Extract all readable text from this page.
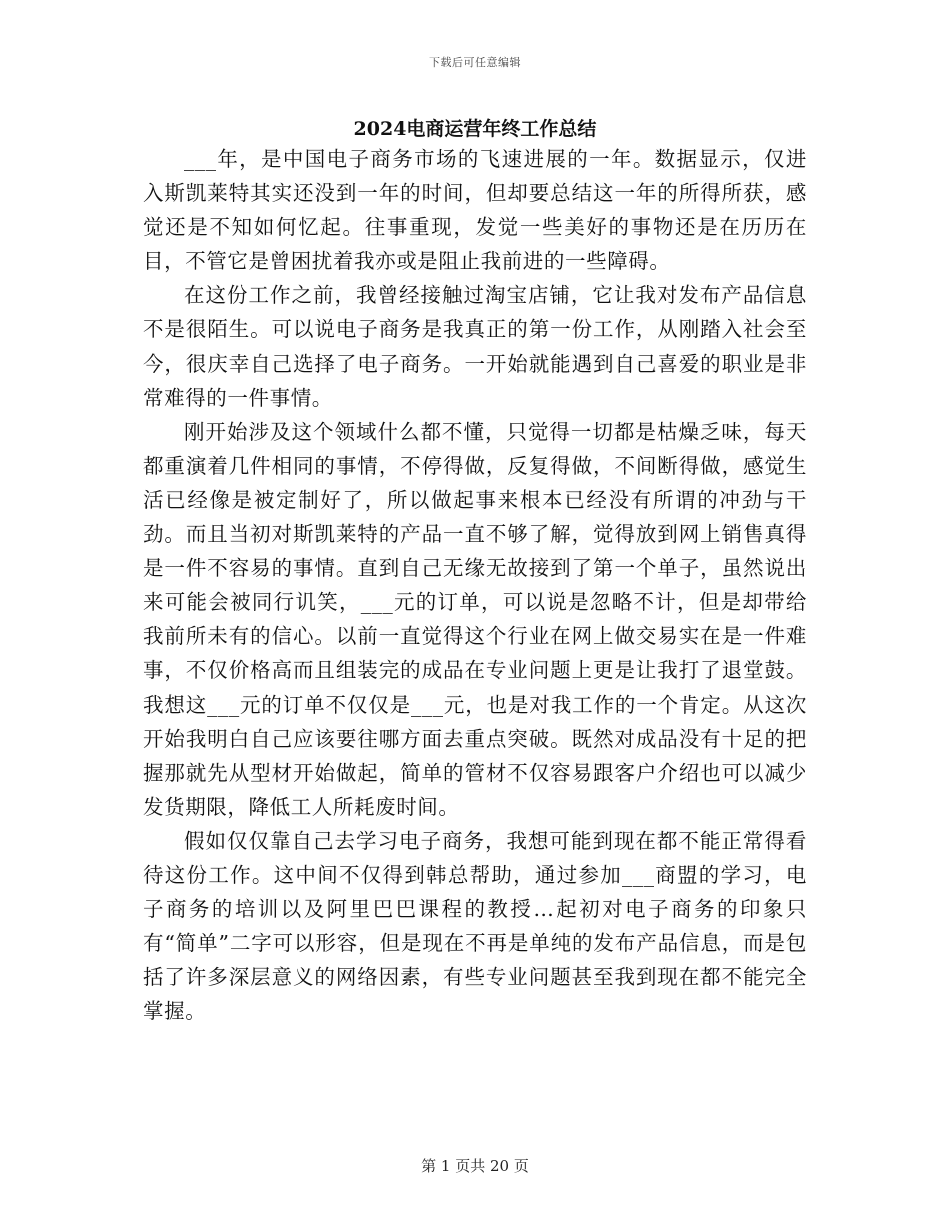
下载后可任意编辑
2024电商运营年终工作总结

___年，是中国电子商务市场的飞速进展的一年。数据显示，仅进入斯凯莱特其实还没到一年的时间，但却要总结这一年的所得所获，感觉还是不知如何忆起。往事重现，发觉一些美好的事物还是在历历在目，不管它是曾困扰着我亦或是阻止我前进的一些障碍。

在这份工作之前，我曾经接触过淘宝店铺，它让我对发布产品信息不是很陌生。可以说电子商务是我真正的第一份工作，从刚踏入社会至今，很庆幸自己选择了电子商务。一开始就能遇到自己喜爱的职业是非常难得的一件事情。

刚开始涉及这个领域什么都不懂，只觉得一切都是枯燥乏味，每天都重演着几件相同的事情，不停得做，反复得做，不间断得做，感觉生活已经像是被定制好了，所以做起事来根本已经没有所谓的冲劲与干劲。而且当初对斯凯莱特的产品一直不够了解，觉得放到网上销售真得是一件不容易的事情。直到自己无缘无故接到了第一个单子，虽然说出来可能会被同行讥笑，___元的订单，可以说是忽略不计，但是却带给我前所未有的信心。以前一直觉得这个行业在网上做交易实在是一件难事，不仅价格高而且组装完的成品在专业问题上更是让我打了退堂鼓。我想这___元的订单不仅仅是___元，也是对我工作的一个肯定。从这次开始我明白自己应该要往哪方面去重点突破。既然对成品没有十足的把握那就先从型材开始做起，简单的管材不仅容易跟客户介绍也可以减少发货期限，降低工人所耗废时间。

假如仅仅靠自己去学习电子商务，我想可能到现在都不能正常得看待这份工作。这中间不仅得到韩总帮助，通过参加___商盟的学习，电子商务的培训以及阿里巴巴课程的教授…起初对电子商务的印象只有“简单”二字可以形容，但是现在不再是单纯的发布产品信息，而是包括了许多深层意义的网络因素，有些专业问题甚至我到现在都不能完全掌握。

第 1 页共 20 页
